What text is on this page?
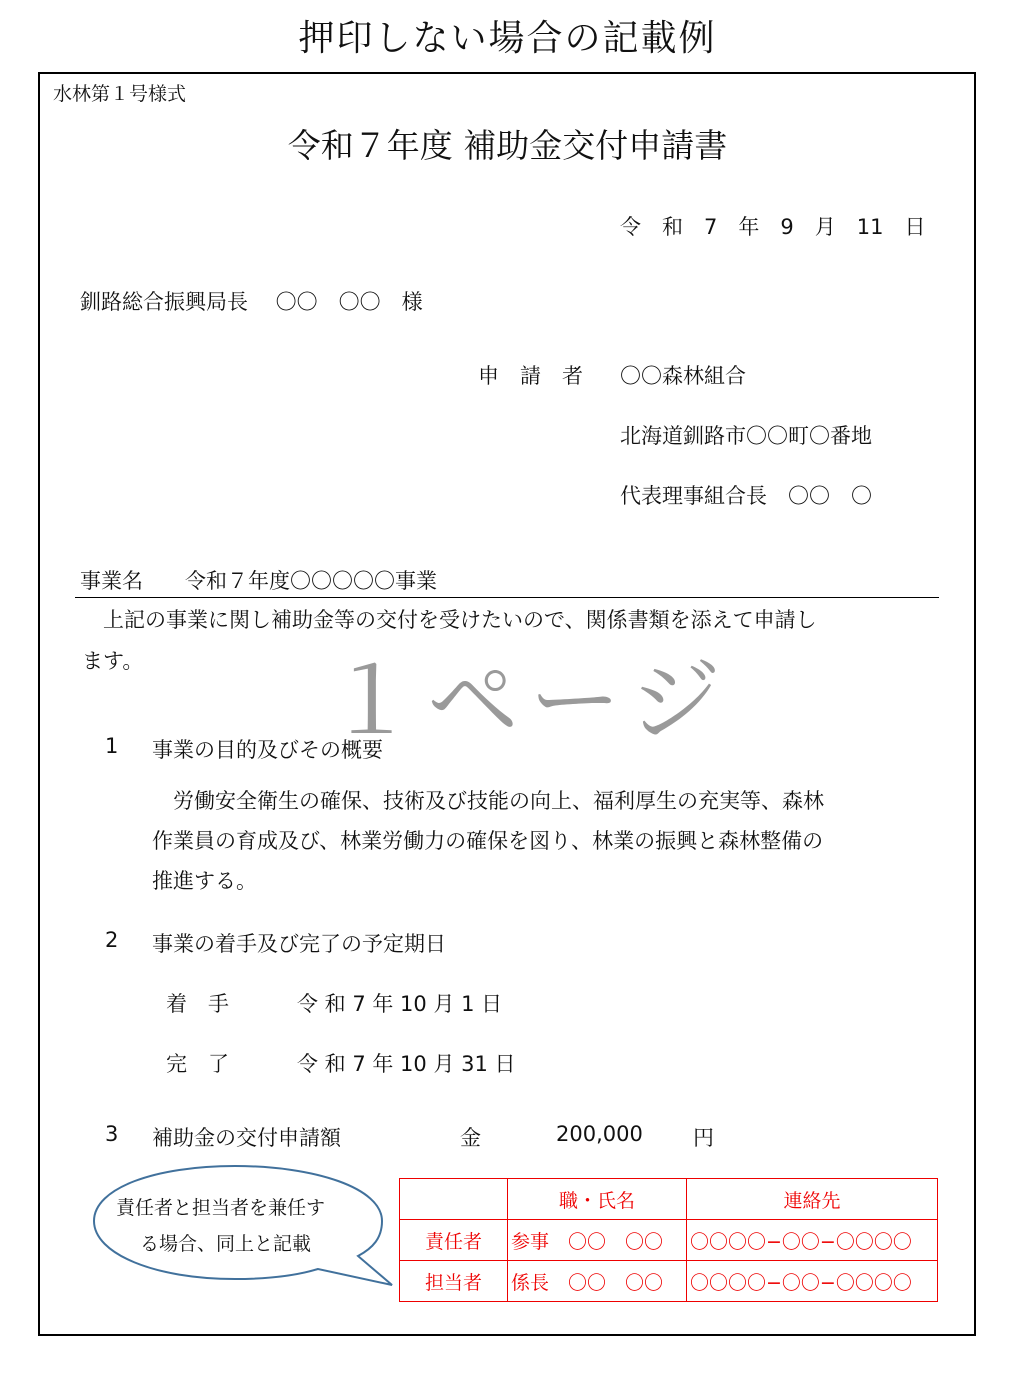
押印しない場合の記載例
水林第１号様式
令和７年度 補助金交付申請書
令　和　7　年　9　月　11　日
釧路総合振興局長　 〇〇　〇〇　様
申　請　者 〇〇森林組合
北海道釧路市〇〇町〇番地
代表理事組合長　〇〇　〇
事業名　　令和７年度〇〇〇〇〇事業
　上記の事業に関し補助金等の交付を受けたいので、関係書類を添えて申請し
ます。 １ページ
1 事業の目的及びその概要
　労働安全衛生の確保、技術及び技能の向上、福利厚生の充実等、森林
作業員の育成及び、林業労働力の確保を図り、林業の振興と森林整備の
推進する。
2 事業の着手及び完了の予定期日
着　手	令 和 7 年 10 月 1 日
完　了	令 和 7 年 10 月 31 日
3 補助金の交付申請額	金	200,000 円
責任者と担当者を兼任す
る場合、同上と記載
	職・氏名	連絡先
責任者	参事　〇〇　〇〇	〇〇〇〇−〇〇−〇〇〇〇
担当者	係長　〇〇　〇〇	〇〇〇〇−〇〇−〇〇〇〇
